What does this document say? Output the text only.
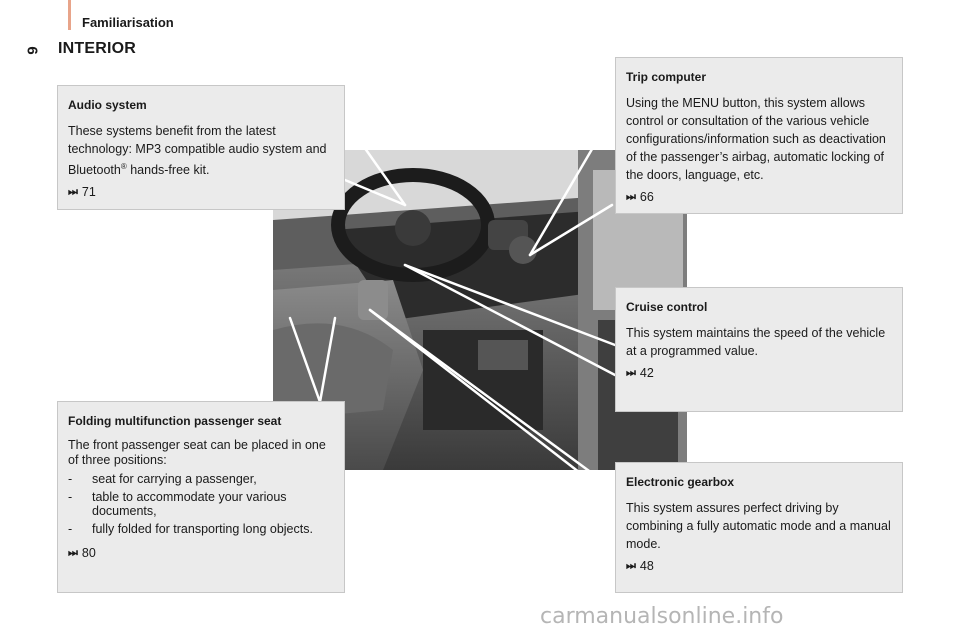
Familiarisation
6 INTERIOR
Audio system

These systems benefit from the latest technology: MP3 compatible audio system and Bluetooth® hands-free kit.

⏭ 71
Trip computer

Using the MENU button, this system allows control or consultation of the various vehicle configurations/information such as deactivation of the passenger’s airbag, automatic locking of the doors, language, etc.

⏭ 66
Cruise control

This system maintains the speed of the vehicle at a programmed value.

⏭ 42
Folding multifunction passenger seat

The front passenger seat can be placed in one of three positions:

-	seat for carrying a passenger,
-	table to accommodate your various documents,
-	fully folded for transporting long objects.
⏭ 80
Electronic gearbox

This system assures perfect driving by combining a fully automatic mode and a manual mode.

⏭ 48
carmanualsonline.info
